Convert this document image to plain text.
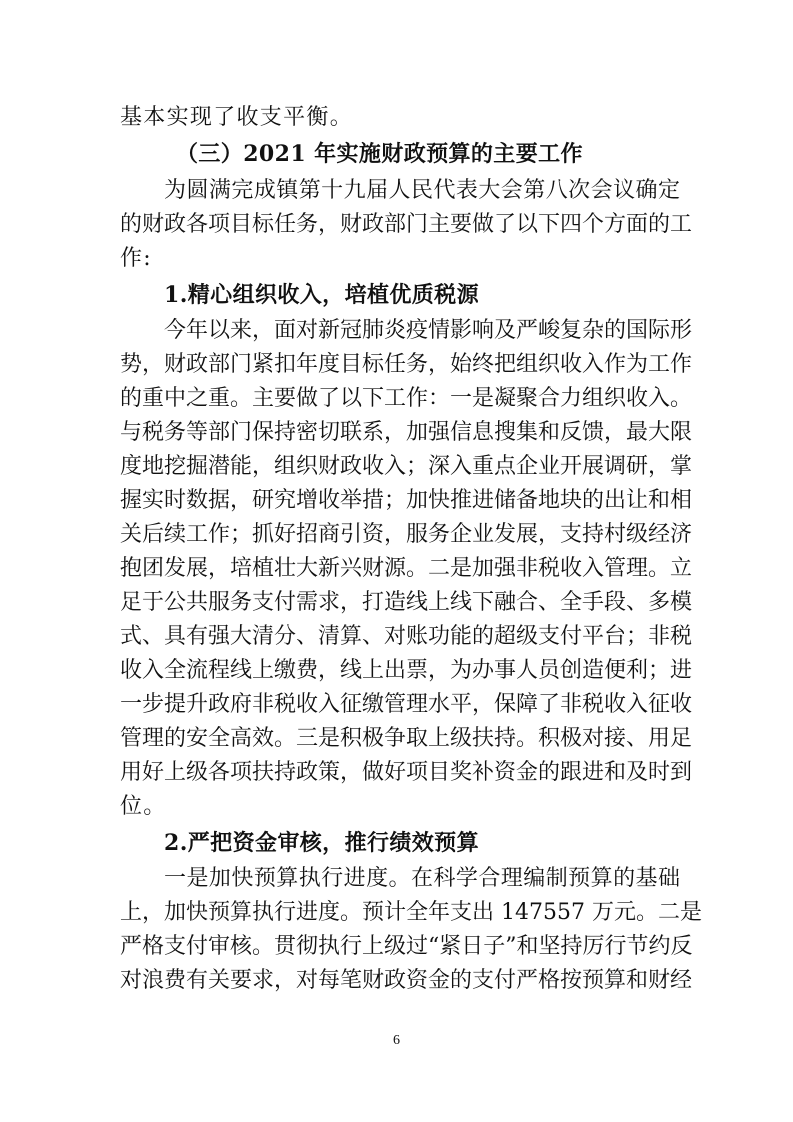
基本实现了收支平衡。
（三）2021 年实施财政预算的主要工作
为圆满完成镇第十九届人民代表大会第八次会议确定
的财政各项目标任务，财政部门主要做了以下四个方面的工
作:
1.精心组织收入，培植优质税源
今年以来，面对新冠肺炎疫情影响及严峻复杂的国际形
势，财政部门紧扣年度目标任务，始终把组织收入作为工作
的重中之重。主要做了以下工作：一是凝聚合力组织收入。
与税务等部门保持密切联系，加强信息搜集和反馈，最大限
度地挖掘潜能，组织财政收入；深入重点企业开展调研，掌
握实时数据，研究增收举措；加快推进储备地块的出让和相
关后续工作；抓好招商引资，服务企业发展，支持村级经济
抱团发展，培植壮大新兴财源。二是加强非税收入管理。立
足于公共服务支付需求，打造线上线下融合、全手段、多模
式、具有强大清分、清算、对账功能的超级支付平台；非税
收入全流程线上缴费，线上出票，为办事人员创造便利；进
一步提升政府非税收入征缴管理水平，保障了非税收入征收
管理的安全高效。三是积极争取上级扶持。积极对接、用足
用好上级各项扶持政策，做好项目奖补资金的跟进和及时到
位。
2.严把资金审核，推行绩效预算
一是加快预算执行进度。在科学合理编制预算的基础
上，加快预算执行进度。预计全年支出 147557 万元。二是
严格支付审核。贯彻执行上级过“紧日子”和坚持厉行节约反
对浪费有关要求，对每笔财政资金的支付严格按预算和财经
6
